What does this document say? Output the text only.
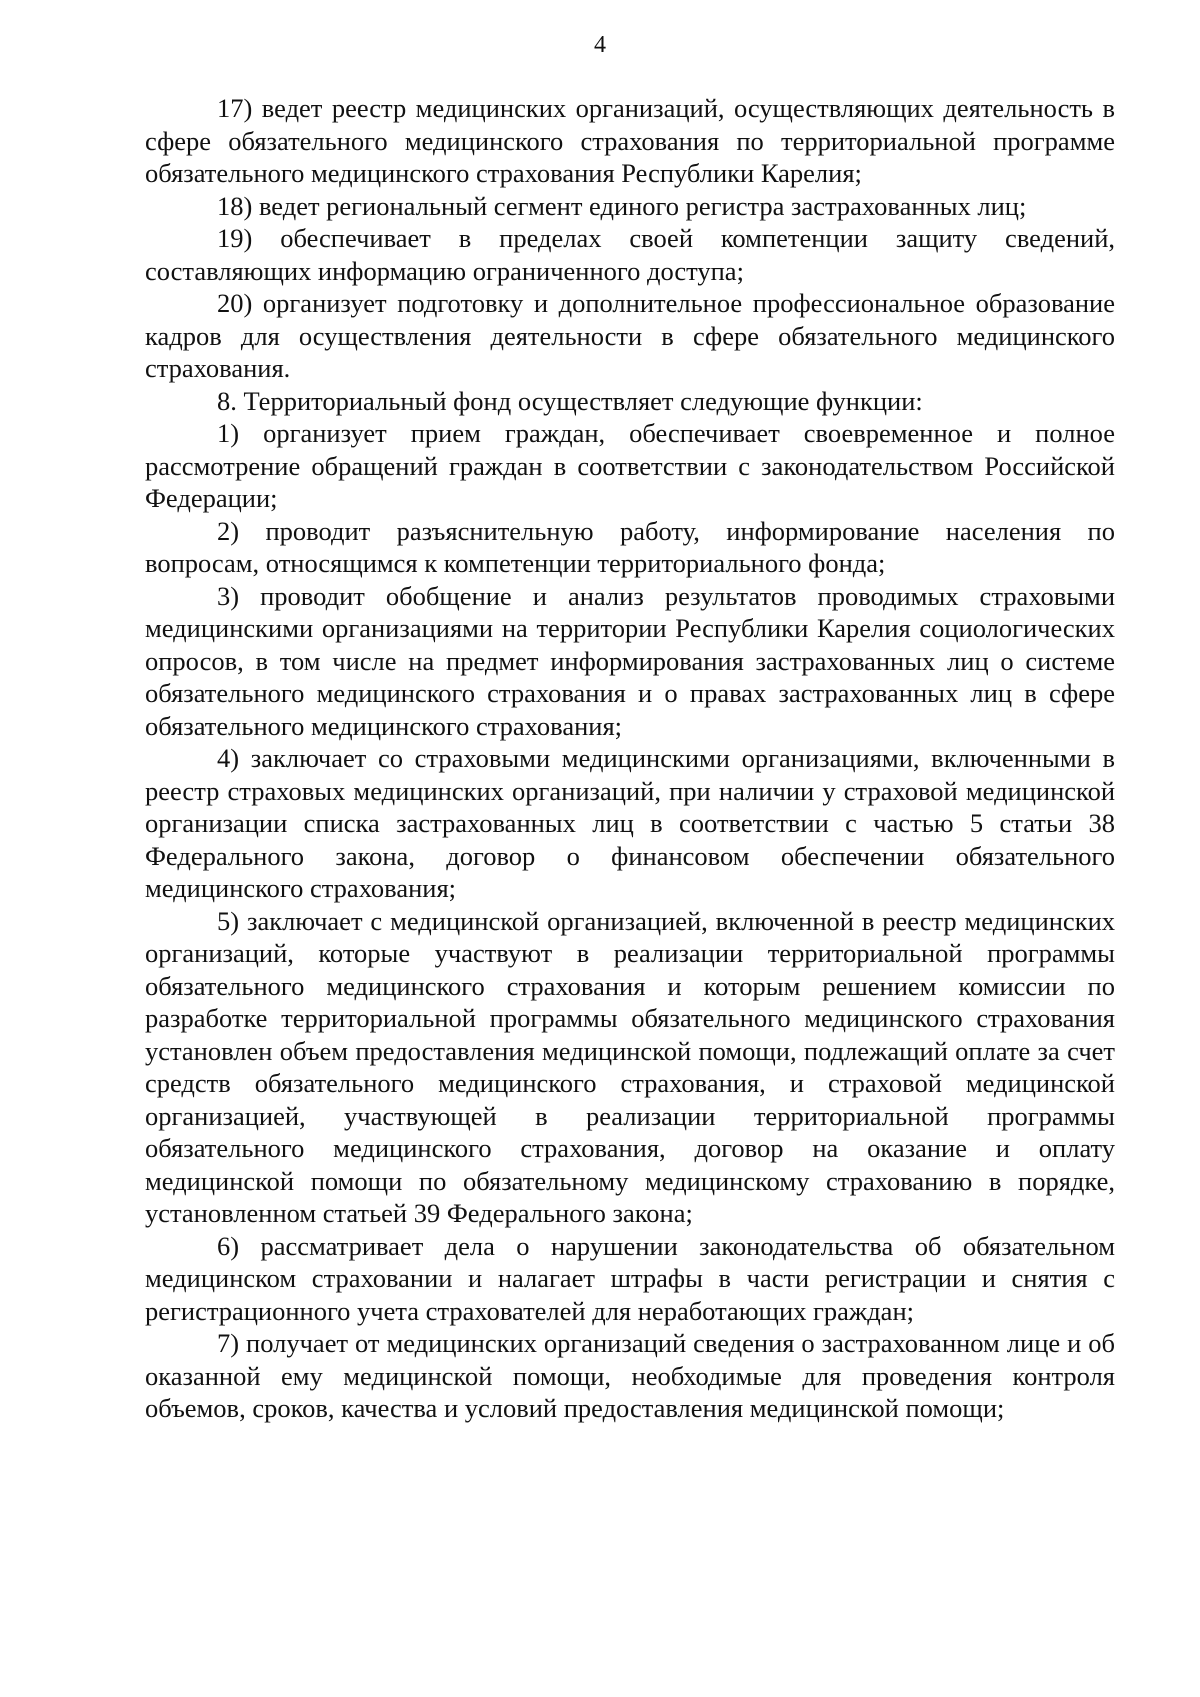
4

17) ведет реестр медицинских организаций, осуществляющих деятельность в сфере обязательного медицинского страхования по территориальной программе обязательного медицинского страхования Республики Карелия;

18) ведет региональный сегмент единого регистра застрахованных лиц;

19) обеспечивает в пределах своей компетенции защиту сведений, составляющих информацию ограниченного доступа;

20) организует подготовку и дополнительное профессиональное образование кадров для осуществления деятельности в сфере обязательного медицинского страхования.

8. Территориальный фонд осуществляет следующие функции:

1) организует прием граждан, обеспечивает своевременное и полное рассмотрение обращений граждан в соответствии с законодательством Российской Федерации;

2) проводит разъяснительную работу, информирование населения по вопросам, относящимся к компетенции территориального фонда;

3) проводит обобщение и анализ результатов проводимых страховыми медицинскими организациями на территории Республики Карелия социологических опросов, в том числе на предмет информирования застрахованных лиц о системе обязательного медицинского страхования и о правах застрахованных лиц в сфере обязательного медицинского страхования;

4) заключает со страховыми медицинскими организациями, включенными в реестр страховых медицинских организаций, при наличии у страховой медицинской организации списка застрахованных лиц в соответствии с частью 5 статьи 38 Федерального закона, договор о финансовом обеспечении обязательного медицинского страхования;

5) заключает с медицинской организацией, включенной в реестр медицинских организаций, которые участвуют в реализации территориальной программы обязательного медицинского страхования и которым решением комиссии по разработке территориальной программы обязательного медицинского страхования установлен объем предоставления медицинской помощи, подлежащий оплате за счет средств обязательного медицинского страхования, и страховой медицинской организацией, участвующей в реализации территориальной программы обязательного медицинского страхования, договор на оказание и оплату медицинской помощи по обязательному медицинскому страхованию в порядке, установленном статьей 39 Федерального закона;

6) рассматривает дела о нарушении законодательства об обязательном медицинском страховании и налагает штрафы в части регистрации и снятия с регистрационного учета страхователей для неработающих граждан;

7) получает от медицинских организаций сведения о застрахованном лице и об оказанной ему медицинской помощи, необходимые для проведения контроля объемов, сроков, качества и условий предоставления медицинской помощи;
